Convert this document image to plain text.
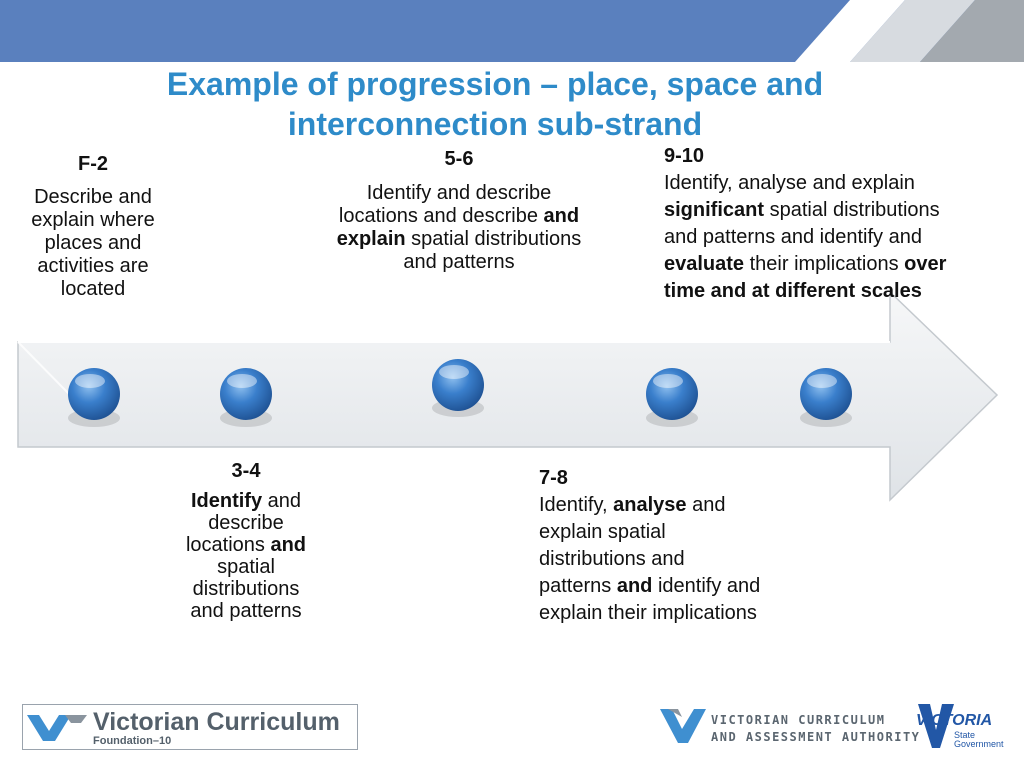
Example of progression – place, space and
interconnection sub-strand
F-2
Describe and explain where places and activities are located
5-6
Identify and describe locations and describe and explain spatial distributions and patterns
9-10
Identify, analyse and explain significant spatial distributions and patterns and identify and evaluate their implications over time and at different scales
3-4
Identify and describe locations and spatial distributions and patterns
7-8
Identify, analyse and explain spatial distributions and patterns and identify and explain their implications
Victorian Curriculum
Foundation–10
VICTORIAN CURRICULUM
AND ASSESSMENT AUTHORITY
VICTORIA
State
Government
